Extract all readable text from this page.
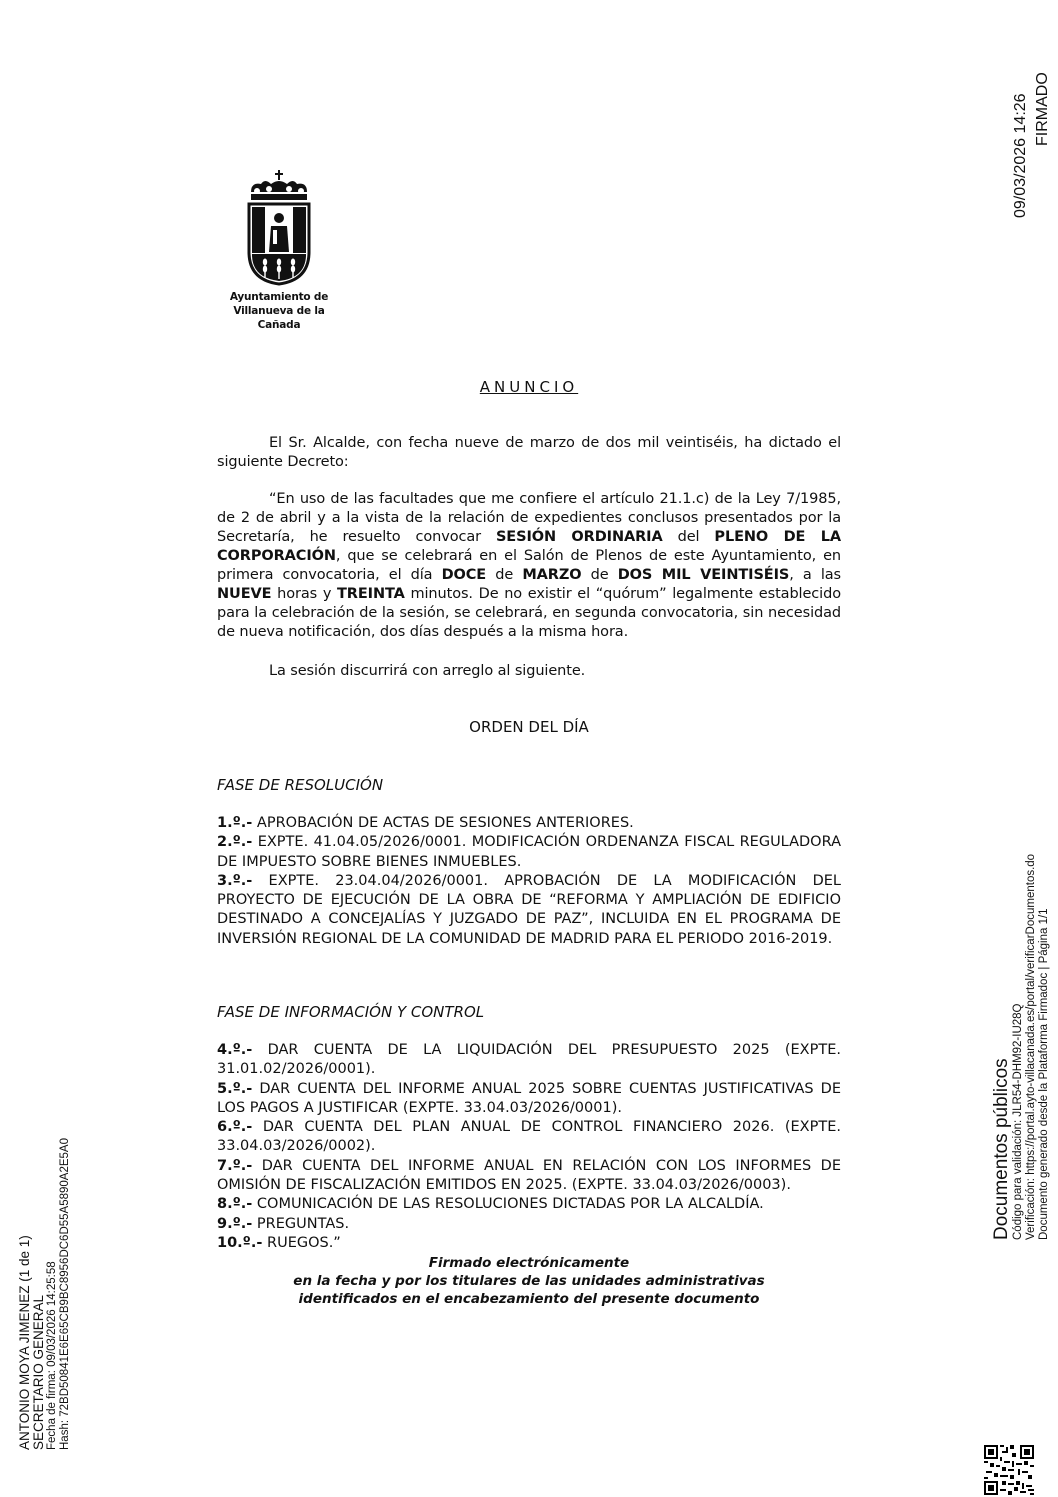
Ayuntamiento de
Villanueva de la Cañada
09/03/2026 14:26 FIRMADO
ANUNCIO
El Sr. Alcalde, con fecha nueve de marzo de dos mil veintiséis, ha dictado el siguiente Decreto:
“En uso de las facultades que me confiere el artículo 21.1.c) de la Ley 7/1985, de 2 de abril y a la vista de la relación de expedientes conclusos presentados por la Secretaría, he resuelto convocar SESIÓN ORDINARIA del PLENO DE LA CORPORACIÓN, que se celebrará en el Salón de Plenos de este Ayuntamiento, en primera convocatoria, el día DOCE de MARZO de DOS MIL VEINTISÉIS, a las NUEVE horas y TREINTA minutos. De no existir el “quórum” legalmente establecido para la celebración de la sesión, se celebrará, en segunda convocatoria, sin necesidad de nueva notificación, dos días después a la misma hora.
La sesión discurrirá con arreglo al siguiente.
ORDEN DEL DÍA
FASE DE RESOLUCIÓN
1.º.- APROBACIÓN DE ACTAS DE SESIONES ANTERIORES.
2.º.- EXPTE. 41.04.05/2026/0001. MODIFICACIÓN ORDENANZA FISCAL REGULADORA DE IMPUESTO SOBRE BIENES INMUEBLES.
3.º.- EXPTE. 23.04.04/2026/0001. APROBACIÓN DE LA MODIFICACIÓN DEL PROYECTO DE EJECUCIÓN DE LA OBRA DE “REFORMA Y AMPLIACIÓN DE EDIFICIO DESTINADO A CONCEJALÍAS Y JUZGADO DE PAZ”, INCLUIDA EN EL PROGRAMA DE INVERSIÓN REGIONAL DE LA COMUNIDAD DE MADRID PARA EL PERIODO 2016-2019.
FASE DE INFORMACIÓN Y CONTROL
4.º.- DAR CUENTA DE LA LIQUIDACIÓN DEL PRESUPUESTO 2025 (EXPTE. 31.01.02/2026/0001).
5.º.- DAR CUENTA DEL INFORME ANUAL 2025 SOBRE CUENTAS JUSTIFICATIVAS DE LOS PAGOS A JUSTIFICAR (EXPTE. 33.04.03/2026/0001).
6.º.- DAR CUENTA DEL PLAN ANUAL DE CONTROL FINANCIERO 2026. (EXPTE. 33.04.03/2026/0002).
7.º.- DAR CUENTA DEL INFORME ANUAL EN RELACIÓN CON LOS INFORMES DE OMISIÓN DE FISCALIZACIÓN EMITIDOS EN 2025. (EXPTE. 33.04.03/2026/0003).
8.º.- COMUNICACIÓN DE LAS RESOLUCIONES DICTADAS POR LA ALCALDÍA.
9.º.- PREGUNTAS.
10.º.- RUEGOS.”
Firmado electrónicamente
en la fecha y por los titulares de las unidades administrativas
identificados en el encabezamiento del presente documento
ANTONIO MOYA JIMENEZ (1 de 1) SECRETARIO GENERAL Fecha de firma: 09/03/2026 14:25:58 Hash: 72BD50841E6E65CB9BC8956DC6D55A5890A2E5A0	Documentos públicos Código para validación: JLR54-DHM92-IU28Q Verificación: https://portal.ayto-villacanada.es/portal/verificarDocumentos.do Documento generado desde la Plataforma Firmadoc | Página 1/1
